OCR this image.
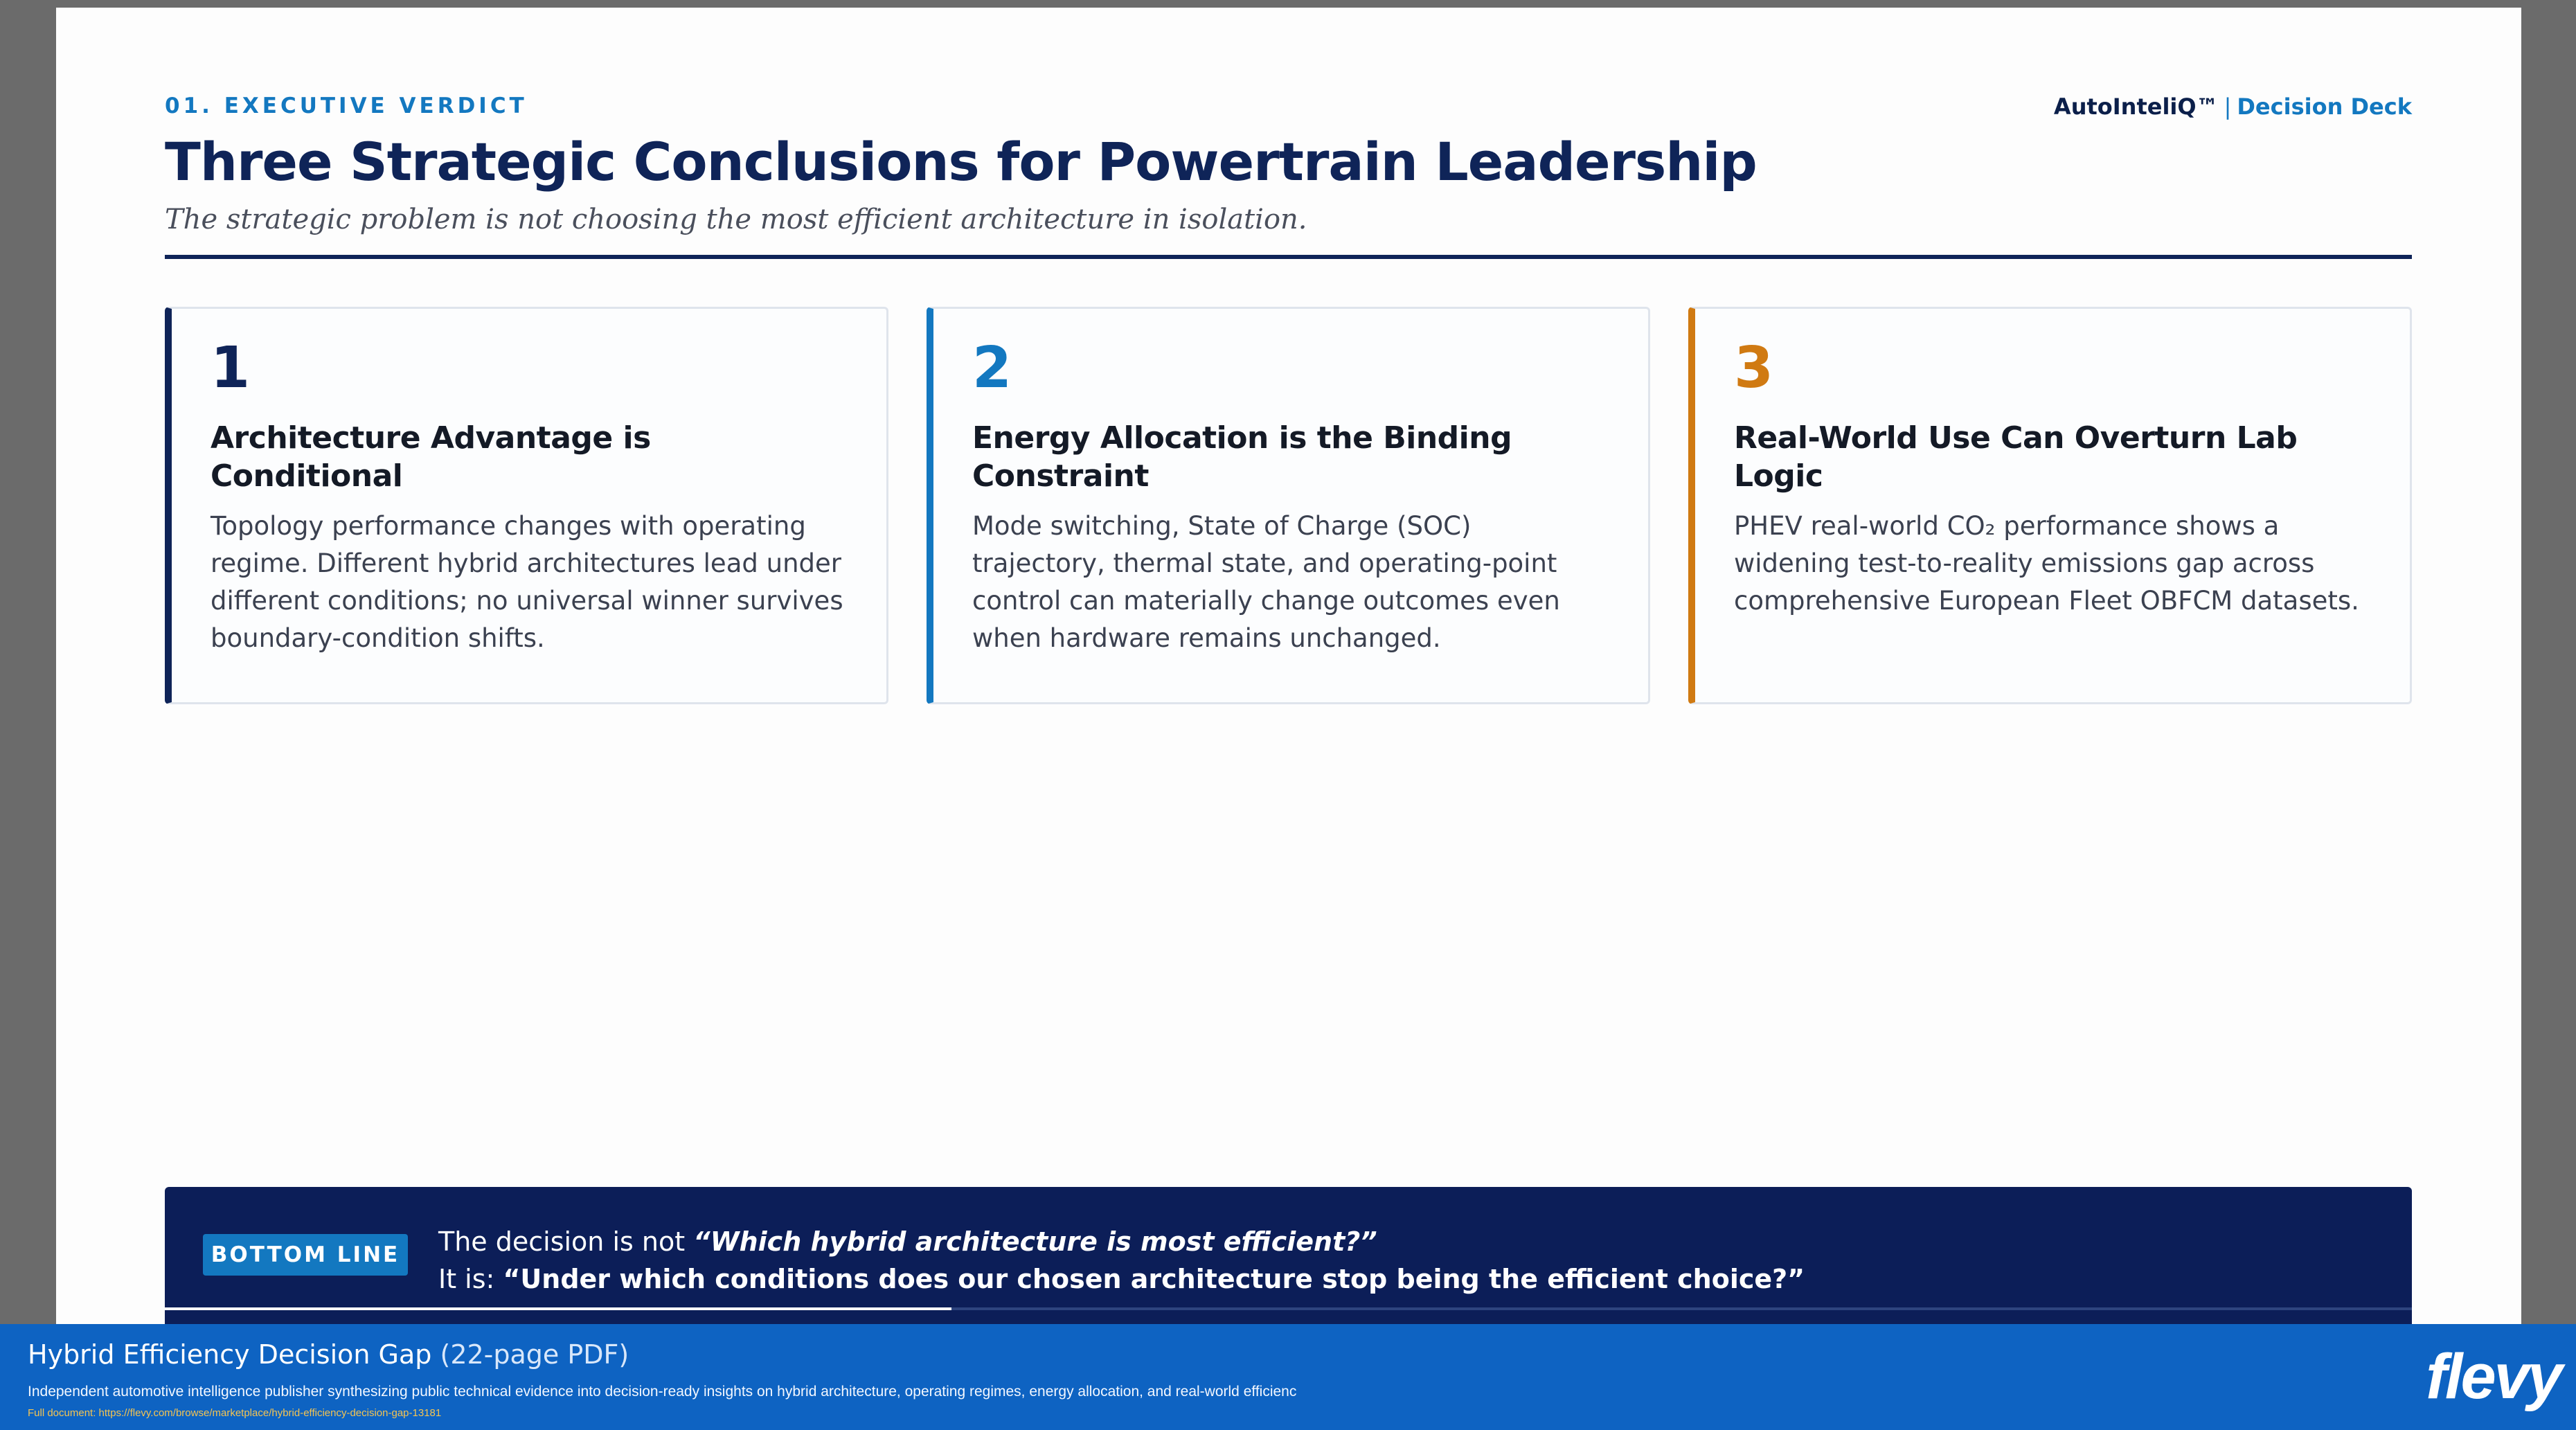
01. EXECUTIVE VERDICT	AutoInteliQ™ | Decision Deck
Three Strategic Conclusions for Powertrain Leadership
The strategic problem is not choosing the most efficient architecture in isolation.
1
Architecture Advantage is Conditional
Topology performance changes with operating regime. Different hybrid architectures lead under different conditions; no universal winner survives boundary-condition shifts.
2
Energy Allocation is the Binding Constraint
Mode switching, State of Charge (SOC) trajectory, thermal state, and operating-point control can materially change outcomes even when hardware remains unchanged.
3
Real-World Use Can Overturn Lab Logic
PHEV real-world CO₂ performance shows a widening test-to-reality emissions gap across comprehensive European Fleet OBFCM datasets.
BOTTOM LINE	The decision is not “Which hybrid architecture is most efficient?”
It is: “Under which conditions does our chosen architecture stop being the efficient choice?”
Hybrid Efficiency Decision Gap (22-page PDF)
Independent automotive intelligence publisher synthesizing public technical evidence into decision-ready insights on hybrid architecture, operating regimes, energy allocation, and real-world efficienc
Full document: https://flevy.com/browse/marketplace/hybrid-efficiency-decision-gap-13181
flevy
